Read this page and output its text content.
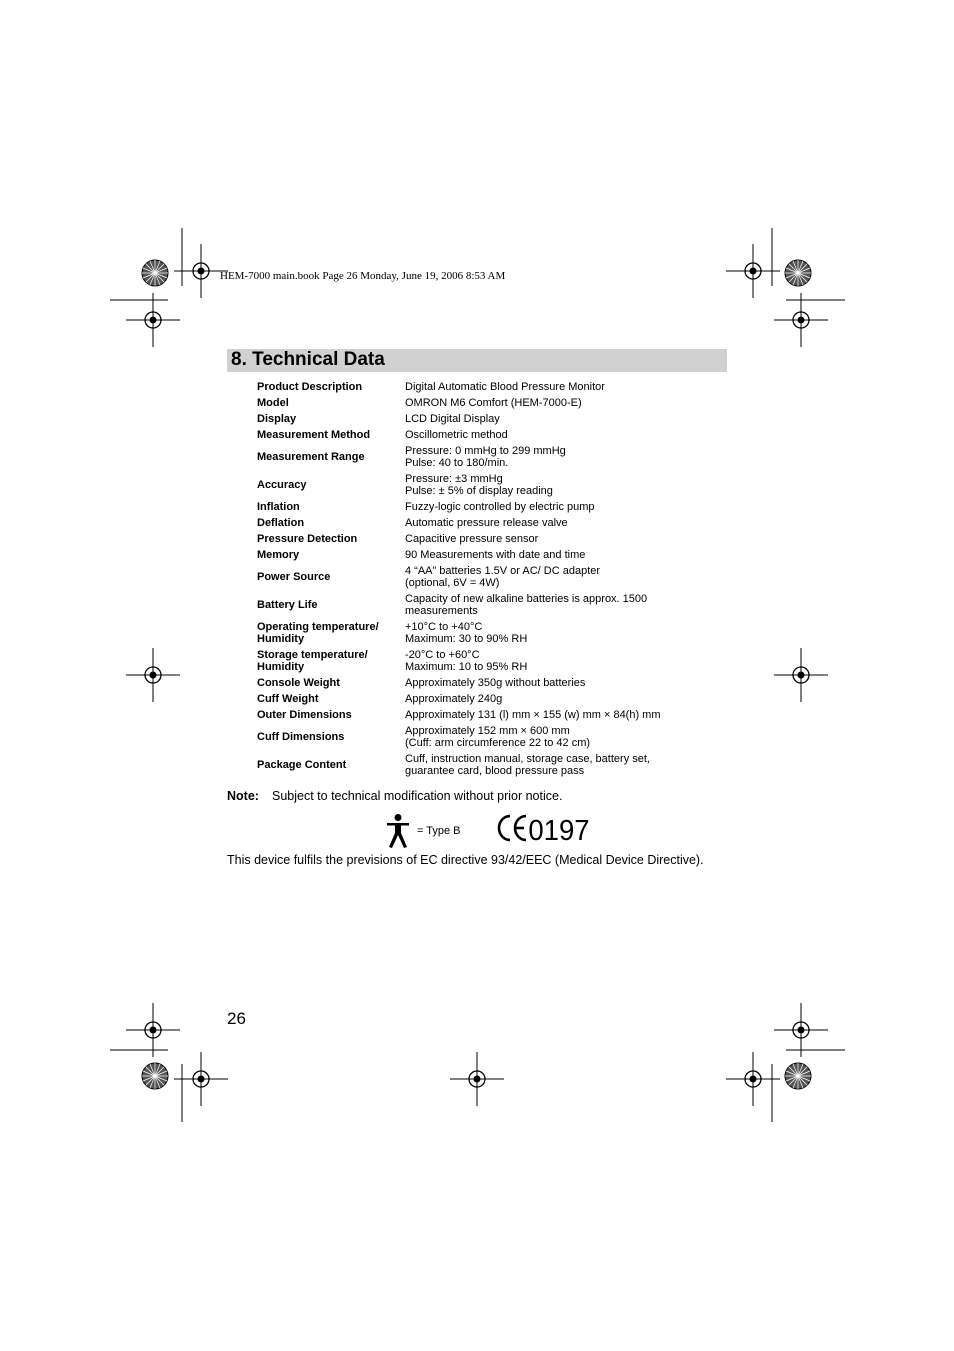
HEM-7000 main.book Page 26 Monday, June 19, 2006 8:53 AM
8. Technical Data
Product Description	Digital Automatic Blood Pressure Monitor
Model	OMRON M6 Comfort (HEM-7000-E)
Display	LCD Digital Display
Measurement Method	Oscillometric method
Measurement Range	Pressure: 0 mmHg to 299 mmHg
Pulse: 40 to 180/min.
Accuracy	Pressure: ±3 mmHg
Pulse: ± 5% of display reading
Inflation	Fuzzy-logic controlled by electric pump
Deflation	Automatic pressure release valve
Pressure Detection	Capacitive pressure sensor
Memory	90 Measurements with date and time
Power Source	4 “AA” batteries 1.5V or AC/ DC adapter
(optional, 6V = 4W)
Battery Life	Capacity of new alkaline batteries is approx. 1500
measurements
Operating temperature/
Humidity	+10°C to +40°C
Maximum: 30 to 90% RH
Storage temperature/
Humidity	-20°C to +60°C
Maximum: 10 to 95% RH
Console Weight	Approximately 350g without batteries
Cuff Weight	Approximately 240g
Outer Dimensions	Approximately 131 (l) mm × 155 (w) mm × 84(h) mm
Cuff Dimensions	Approximately 152 mm × 600 mm
(Cuff: arm circumference 22 to 42 cm)
Package Content	Cuff, instruction manual, storage case, battery set,
guarantee card, blood pressure pass
Note: Subject to technical modification without prior notice.
= Type B 0197
This device fulfils the previsions of EC directive 93/42/EEC (Medical Device Directive).
26
